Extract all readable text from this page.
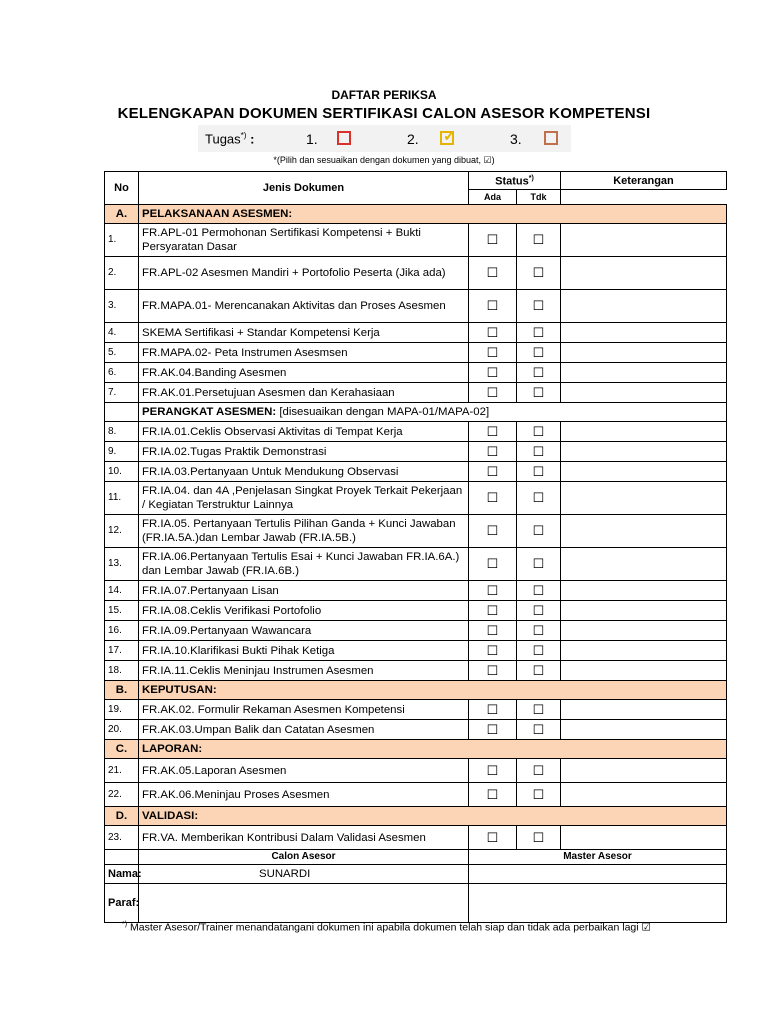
DAFTAR PERIKSA
KELENGKAPAN DOKUMEN SERTIFIKASI CALON ASESOR KOMPETENSI
Tugas*) :	1.	2. ✓	3.
*(Pilih dan sesuaikan dengan dokumen yang dibuat, ☑)
No	Jenis Dokumen	Status*)		Keterangan
		Ada	Tdk	
A.	PELAKSANAAN ASESMEN:			
1.	FR.APL-01 Permohonan Sertifikasi Kompetensi + Bukti Persyaratan Dasar	☐	☐	
2.	FR.APL-02 Asesmen Mandiri + Portofolio Peserta (Jika ada)	☐	☐	
3.	FR.MAPA.01- Merencanakan Aktivitas dan Proses Asesmen	☐	☐	
4.	SKEMA Sertifikasi + Standar Kompetensi Kerja	☐	☐	
5.	FR.MAPA.02- Peta Instrumen Asesmsen	☐	☐	
6.	FR.AK.04.Banding Asesmen	☐	☐	
7.	FR.AK.01.Persetujuan Asesmen dan Kerahasiaan	☐	☐	
	PERANGKAT ASESMEN: [disesuaikan dengan MAPA-01/MAPA-02]			
8.	FR.IA.01.Ceklis Observasi Aktivitas di Tempat Kerja	☐	☐	
9.	FR.IA.02.Tugas Praktik Demonstrasi	☐	☐	
10.	FR.IA.03.Pertanyaan Untuk Mendukung Observasi	☐	☐	
11.	FR.IA.04. dan 4A ,Penjelasan Singkat Proyek Terkait Pekerjaan / Kegiatan Terstruktur Lainnya	☐	☐	
12.	FR.IA.05. Pertanyaan Tertulis Pilihan Ganda + Kunci Jawaban (FR.IA.5A.)dan Lembar Jawab (FR.IA.5B.)	☐	☐	
13.	FR.IA.06.Pertanyaan Tertulis Esai + Kunci Jawaban FR.IA.6A.) dan Lembar Jawab (FR.IA.6B.)	☐	☐	
14.	FR.IA.07.Pertanyaan Lisan	☐	☐	
15.	FR.IA.08.Ceklis Verifikasi Portofolio	☐	☐	
16.	FR.IA.09.Pertanyaan Wawancara	☐	☐	
17.	FR.IA.10.Klarifikasi Bukti Pihak Ketiga	☐	☐	
18.	FR.IA.11.Ceklis Meninjau Instrumen Asesmen	☐	☐	
B.	KEPUTUSAN:			
19.	FR.AK.02. Formulir Rekaman Asesmen Kompetensi	☐	☐	
20.	FR.AK.03.Umpan Balik dan Catatan Asesmen	☐	☐	
C.	LAPORAN:			
21.	FR.AK.05.Laporan Asesmen	☐	☐	
22.	FR.AK.06.Meninjau Proses Asesmen	☐	☐	
D.	VALIDASI:			
23.	FR.VA. Memberikan Kontribusi Dalam Validasi Asesmen	☐	☐	
	Calon Asesor	Master Asesor		
Nama:	SUNARDI			
Paraf:				
*) Master Asesor/Trainer menandatangani dokumen ini apabila dokumen telah siap dan tidak ada perbaikan lagi ☑
